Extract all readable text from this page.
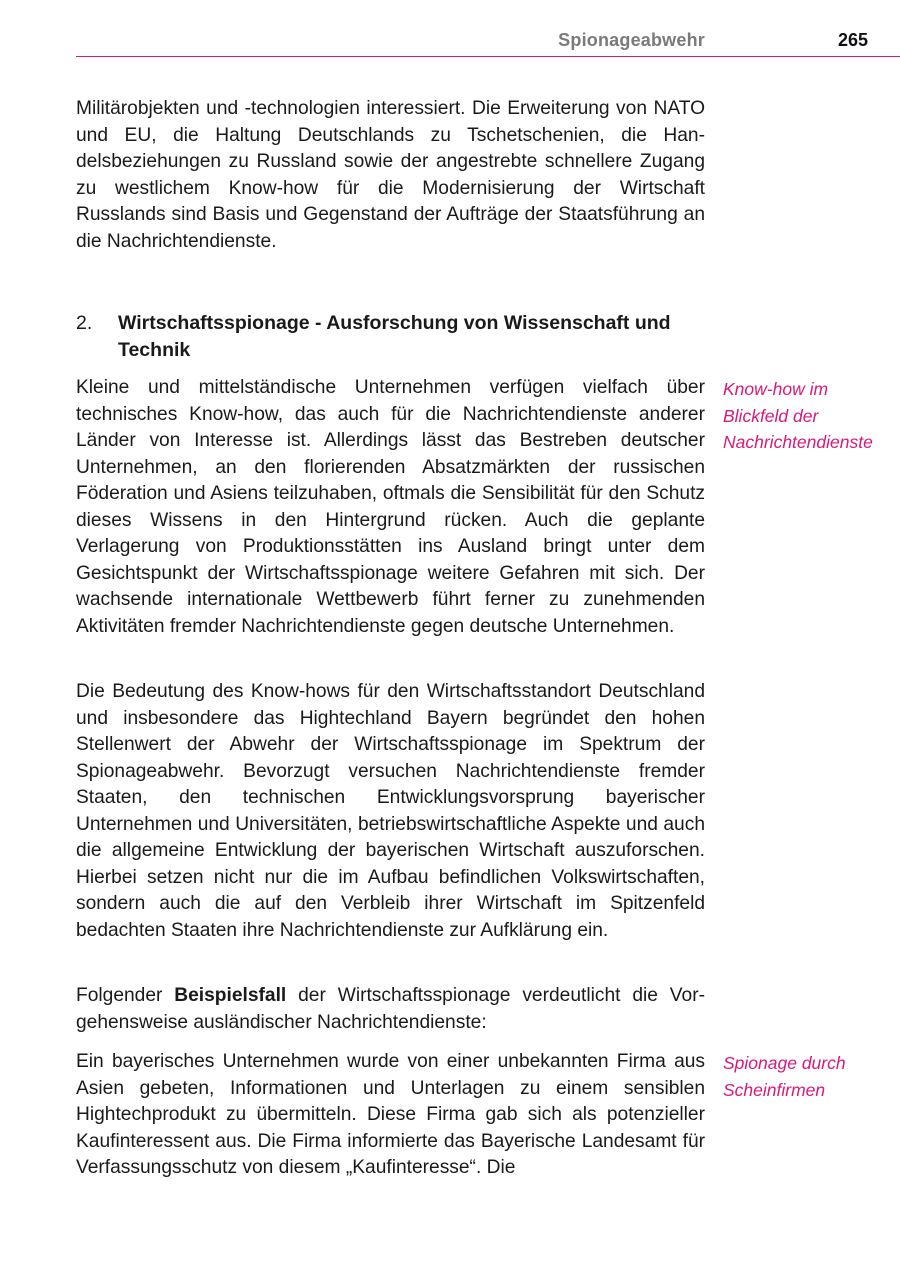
Spionageabwehr	265

Militärobjekten und -technologien interessiert. Die Erweiterung von NATO und EU, die Haltung Deutschlands zu Tschetschenien, die Handelsbeziehungen zu Russland sowie der angestrebte schnellere Zugang zu westlichem Know-how für die Modernisierung der Wirtschaft Russlands sind Basis und Gegenstand der Aufträge der Staatsführung an die Nachrichtendienste.

2. Wirtschaftsspionage - Ausforschung von Wissenschaft und Technik

Kleine und mittelständische Unternehmen verfügen vielfach über technisches Know-how, das auch für die Nachrichtendienste anderer Länder von Interesse ist. Allerdings lässt das Bestreben deutscher Unternehmen, an den florierenden Absatzmärkten der russischen Föderation und Asiens teilzuhaben, oftmals die Sensibilität für den Schutz dieses Wissens in den Hintergrund rücken. Auch die geplante Verlagerung von Produktionsstätten ins Ausland bringt unter dem Gesichtspunkt der Wirtschaftsspionage weitere Gefahren mit sich. Der wachsende internationale Wettbewerb führt ferner zu zunehmenden Aktivitäten fremder Nachrichtendienste gegen deutsche Unternehmen.

Know-how im Blickfeld der Nachrichtendienste

Die Bedeutung des Know-hows für den Wirtschaftsstandort Deutschland und insbesondere das Hightechland Bayern begründet den hohen Stellenwert der Abwehr der Wirtschaftsspionage im Spektrum der Spionageabwehr. Bevorzugt versuchen Nachrichtendienste fremder Staaten, den technischen Entwicklungsvorsprung bayerischer Unternehmen und Universitäten, betriebswirtschaftliche Aspekte und auch die allgemeine Entwicklung der bayerischen Wirtschaft auszuforschen. Hierbei setzen nicht nur die im Aufbau befindlichen Volkswirtschaften, sondern auch die auf den Verbleib ihrer Wirtschaft im Spitzenfeld bedachten Staaten ihre Nachrichtendienste zur Aufklärung ein.

Folgender Beispielsfall der Wirtschaftsspionage verdeutlicht die Vorgehensweise ausländischer Nachrichtendienste:

Ein bayerisches Unternehmen wurde von einer unbekannten Firma aus Asien gebeten, Informationen und Unterlagen zu einem sensiblen Hightechprodukt zu übermitteln. Diese Firma gab sich als potenzieller Kaufinteressent aus. Die Firma informierte das Bayerische Landesamt für Verfassungsschutz von diesem „Kaufinteresse“. Die

Spionage durch Scheinfirmen
